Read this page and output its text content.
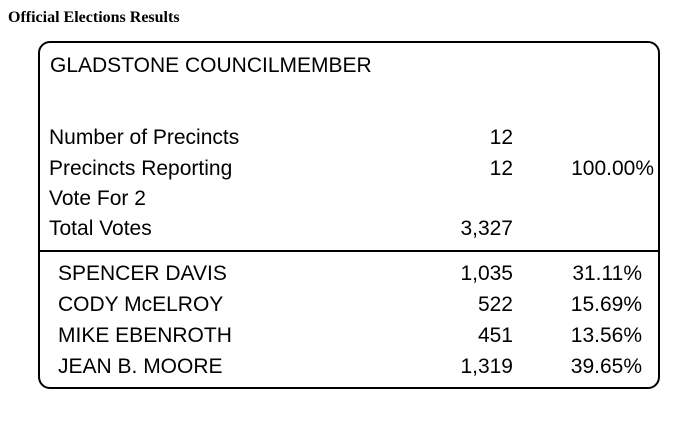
Official Elections Results
GLADSTONE COUNCILMEMBER
Number of Precincts	12
Precincts Reporting	12	100.00%
Vote For 2
Total Votes	3,327
SPENCER DAVIS	1,035	31.11%
CODY McELROY	522	15.69%
MIKE EBENROTH	451	13.56%
JEAN B. MOORE	1,319	39.65%
